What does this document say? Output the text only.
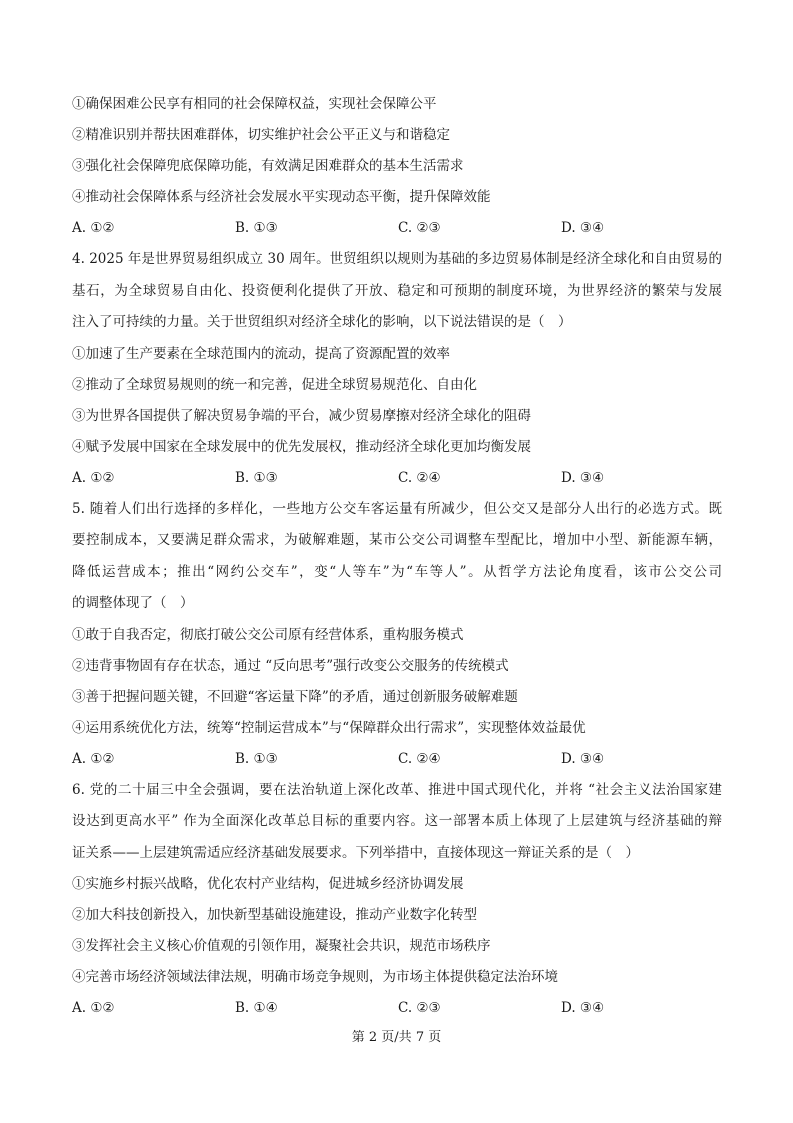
①确保困难公民享有相同的社会保障权益，实现社会保障公平
②精准识别并帮扶困难群体，切实维护社会公平正义与和谐稳定
③强化社会保障兜底保障功能，有效满足困难群众的基本生活需求
④推动社会保障体系与经济社会发展水平实现动态平衡，提升保障效能
A. ①②	B. ①③	C. ②③	D. ③④
4. 2025 年是世界贸易组织成立 30 周年。世贸组织以规则为基础的多边贸易体制是经济全球化和自由贸易的
基石，为全球贸易自由化、投资便利化提供了开放、稳定和可预期的制度环境，为世界经济的繁荣与发展
注入了可持续的力量。关于世贸组织对经济全球化的影响，以下说法错误的是（　）
①加速了生产要素在全球范围内的流动，提高了资源配置的效率
②推动了全球贸易规则的统一和完善，促进全球贸易规范化、自由化
③为世界各国提供了解决贸易争端的平台，减少贸易摩擦对经济全球化的阻碍
④赋予发展中国家在全球发展中的优先发展权，推动经济全球化更加均衡发展
A. ①②	B. ①③	C. ②④	D. ③④
5. 随着人们出行选择的多样化，一些地方公交车客运量有所减少，但公交又是部分人出行的必选方式。既
要控制成本，又要满足群众需求，为破解难题，某市公交公司调整车型配比，增加中小型、新能源车辆，
降低运营成本；推出“网约公交车”，变“人等车”为“车等人”。从哲学方法论角度看，该市公交公司
的调整体现了（　）
①敢于自我否定，彻底打破公交公司原有经营体系，重构服务模式
②违背事物固有存在状态，通过 “反向思考”强行改变公交服务的传统模式
③善于把握问题关键，不回避“客运量下降”的矛盾，通过创新服务破解难题
④运用系统优化方法，统筹“控制运营成本”与“保障群众出行需求”，实现整体效益最优
A. ①②	B. ①③	C. ②④	D. ③④
6. 党的二十届三中全会强调，要在法治轨道上深化改革、推进中国式现代化，并将 “社会主义法治国家建
设达到更高水平” 作为全面深化改革总目标的重要内容。这一部署本质上体现了上层建筑与经济基础的辩
证关系——上层建筑需适应经济基础发展要求。下列举措中，直接体现这一辩证关系的是（　）
①实施乡村振兴战略，优化农村产业结构，促进城乡经济协调发展
②加大科技创新投入，加快新型基础设施建设，推动产业数字化转型
③发挥社会主义核心价值观的引领作用，凝聚社会共识，规范市场秩序
④完善市场经济领域法律法规，明确市场竞争规则，为市场主体提供稳定法治环境
A. ①②	B. ①④	C. ②③	D. ③④
第 2 页/共 7 页
